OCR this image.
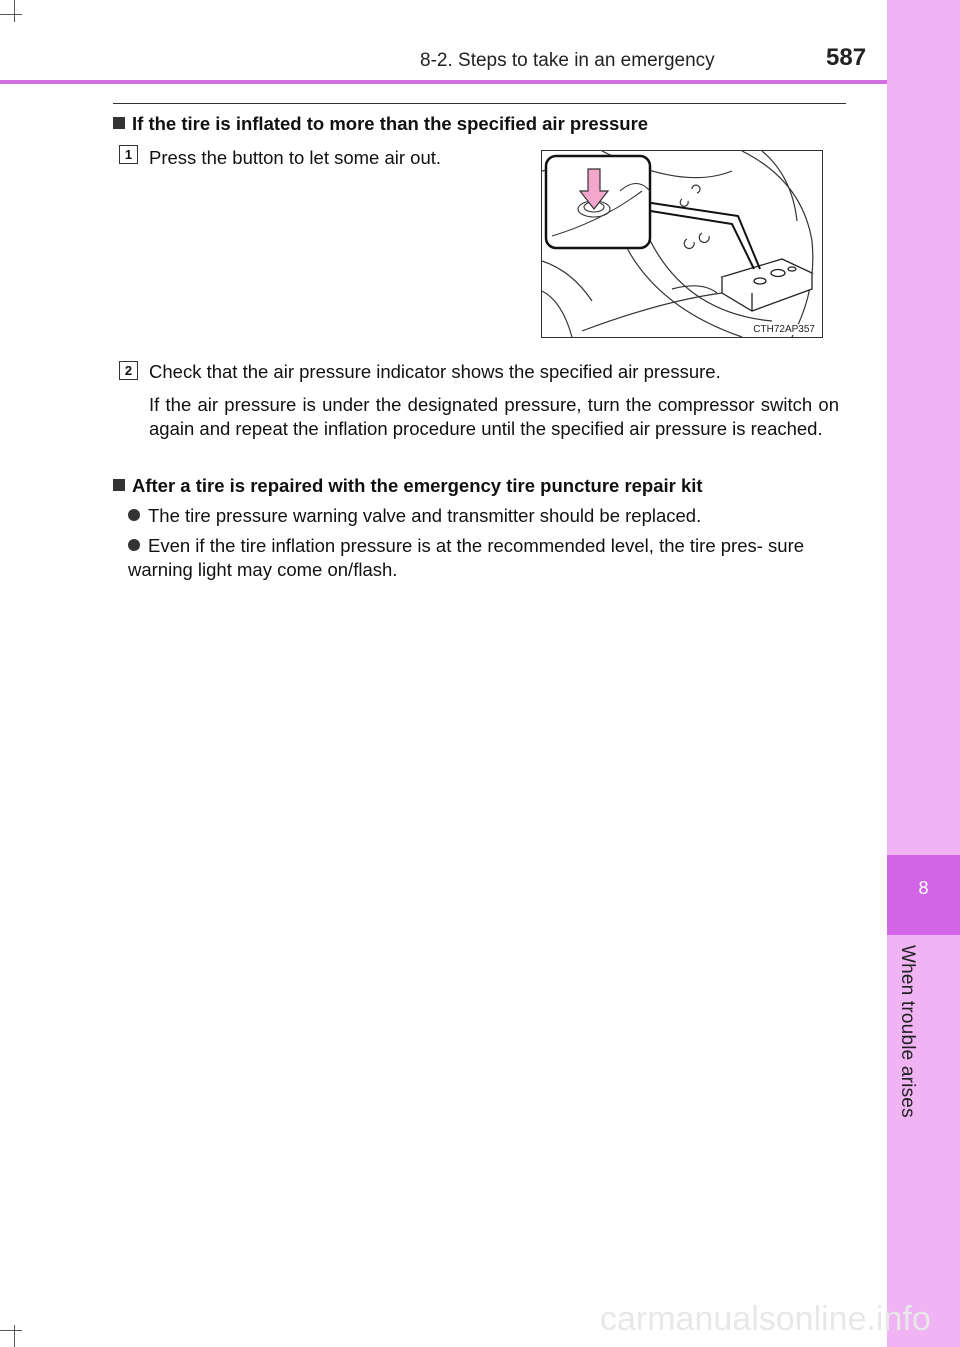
8-2. Steps to take in an emergency	587
8
When trouble arises
If the tire is inflated to more than the specified air pressure
1 Press the button to let some air out.
CTH72AP357
2 Check that the air pressure indicator shows the specified air pressure.
If the air pressure is under the designated pressure, turn the compressor switch on again and repeat the inflation procedure until the specified air pressure is reached.
After a tire is repaired with the emergency tire puncture repair kit
The tire pressure warning valve and transmitter should be replaced.
Even if the tire inflation pressure is at the recommended level, the tire pres- sure warning light may come on/flash.
carmanualsonline.info
